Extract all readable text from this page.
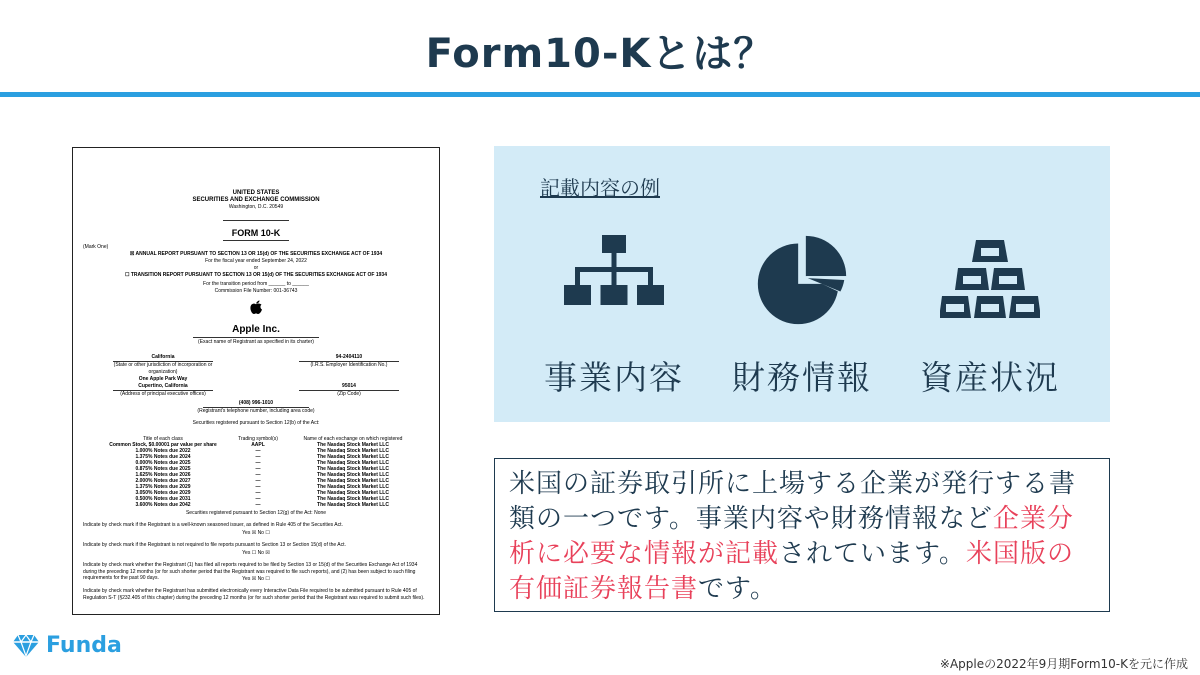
Form10-Kとは？
UNITED STATES
SECURITIES AND EXCHANGE COMMISSION
Washington, D.C. 20549
FORM 10-K
(Mark One)
☒ ANNUAL REPORT PURSUANT TO SECTION 13 OR 15(d) OF THE SECURITIES EXCHANGE ACT OF 1934
For the fiscal year ended September 24, 2022
or
☐ TRANSITION REPORT PURSUANT TO SECTION 13 OR 15(d) OF THE SECURITIES EXCHANGE ACT OF 1934
For the transition period from ______ to ______
Commission File Number: 001-36743
Apple Inc.
(Exact name of Registrant as specified in its charter)
California
(State or other jurisdiction of incorporation or organization)
94-2404110
(I.R.S. Employer Identification No.)
One Apple Park Way
Cupertino, California
(Address of principal executive offices)
95014
(Zip Code)
(408) 996-1010
(Registrant's telephone number, including area code)
Securities registered pursuant to Section 12(b) of the Act:
Title of each class	Trading symbol(s)	Name of each exchange on which registered
Common Stock, $0.00001 par value per share	AAPL	The Nasdaq Stock Market LLC
1.000% Notes due 2022	—	The Nasdaq Stock Market LLC
1.375% Notes due 2024	—	The Nasdaq Stock Market LLC
0.000% Notes due 2025	—	The Nasdaq Stock Market LLC
0.875% Notes due 2025	—	The Nasdaq Stock Market LLC
1.625% Notes due 2026	—	The Nasdaq Stock Market LLC
2.000% Notes due 2027	—	The Nasdaq Stock Market LLC
1.375% Notes due 2029	—	The Nasdaq Stock Market LLC
3.050% Notes due 2029	—	The Nasdaq Stock Market LLC
0.500% Notes due 2031	—	The Nasdaq Stock Market LLC
3.600% Notes due 2042	—	The Nasdaq Stock Market LLC
Securities registered pursuant to Section 12(g) of the Act: None
Indicate by check mark if the Registrant is a well-known seasoned issuer, as defined in Rule 405 of the Securities Act.
Yes ☒ No ☐
Indicate by check mark if the Registrant is not required to file reports pursuant to Section 13 or Section 15(d) of the Act.
Yes ☐ No ☒
Indicate by check mark whether the Registrant (1) has filed all reports required to be filed by Section 13 or 15(d) of the Securities Exchange Act of 1934 during the preceding 12 months (or for such shorter period that the Registrant was required to file such reports), and (2) has been subject to such filing requirements for the past 90 days.	Yes ☒ No ☐
Indicate by check mark whether the Registrant has submitted electronically every Interactive Data File required to be submitted pursuant to Rule 405 of Regulation S-T (§232.405 of this chapter) during the preceding 12 months (or for such shorter period that the Registrant was required to submit such files).
記載内容の例
事業内容	財務情報	資産状況
米国の証券取引所に上場する企業が発行する書類の一つです。事業内容や財務情報など企業分析に必要な情報が記載されています。米国版の有価証券報告書です。
Funda
※Appleの2022年9月期Form10-Kを元に作成
